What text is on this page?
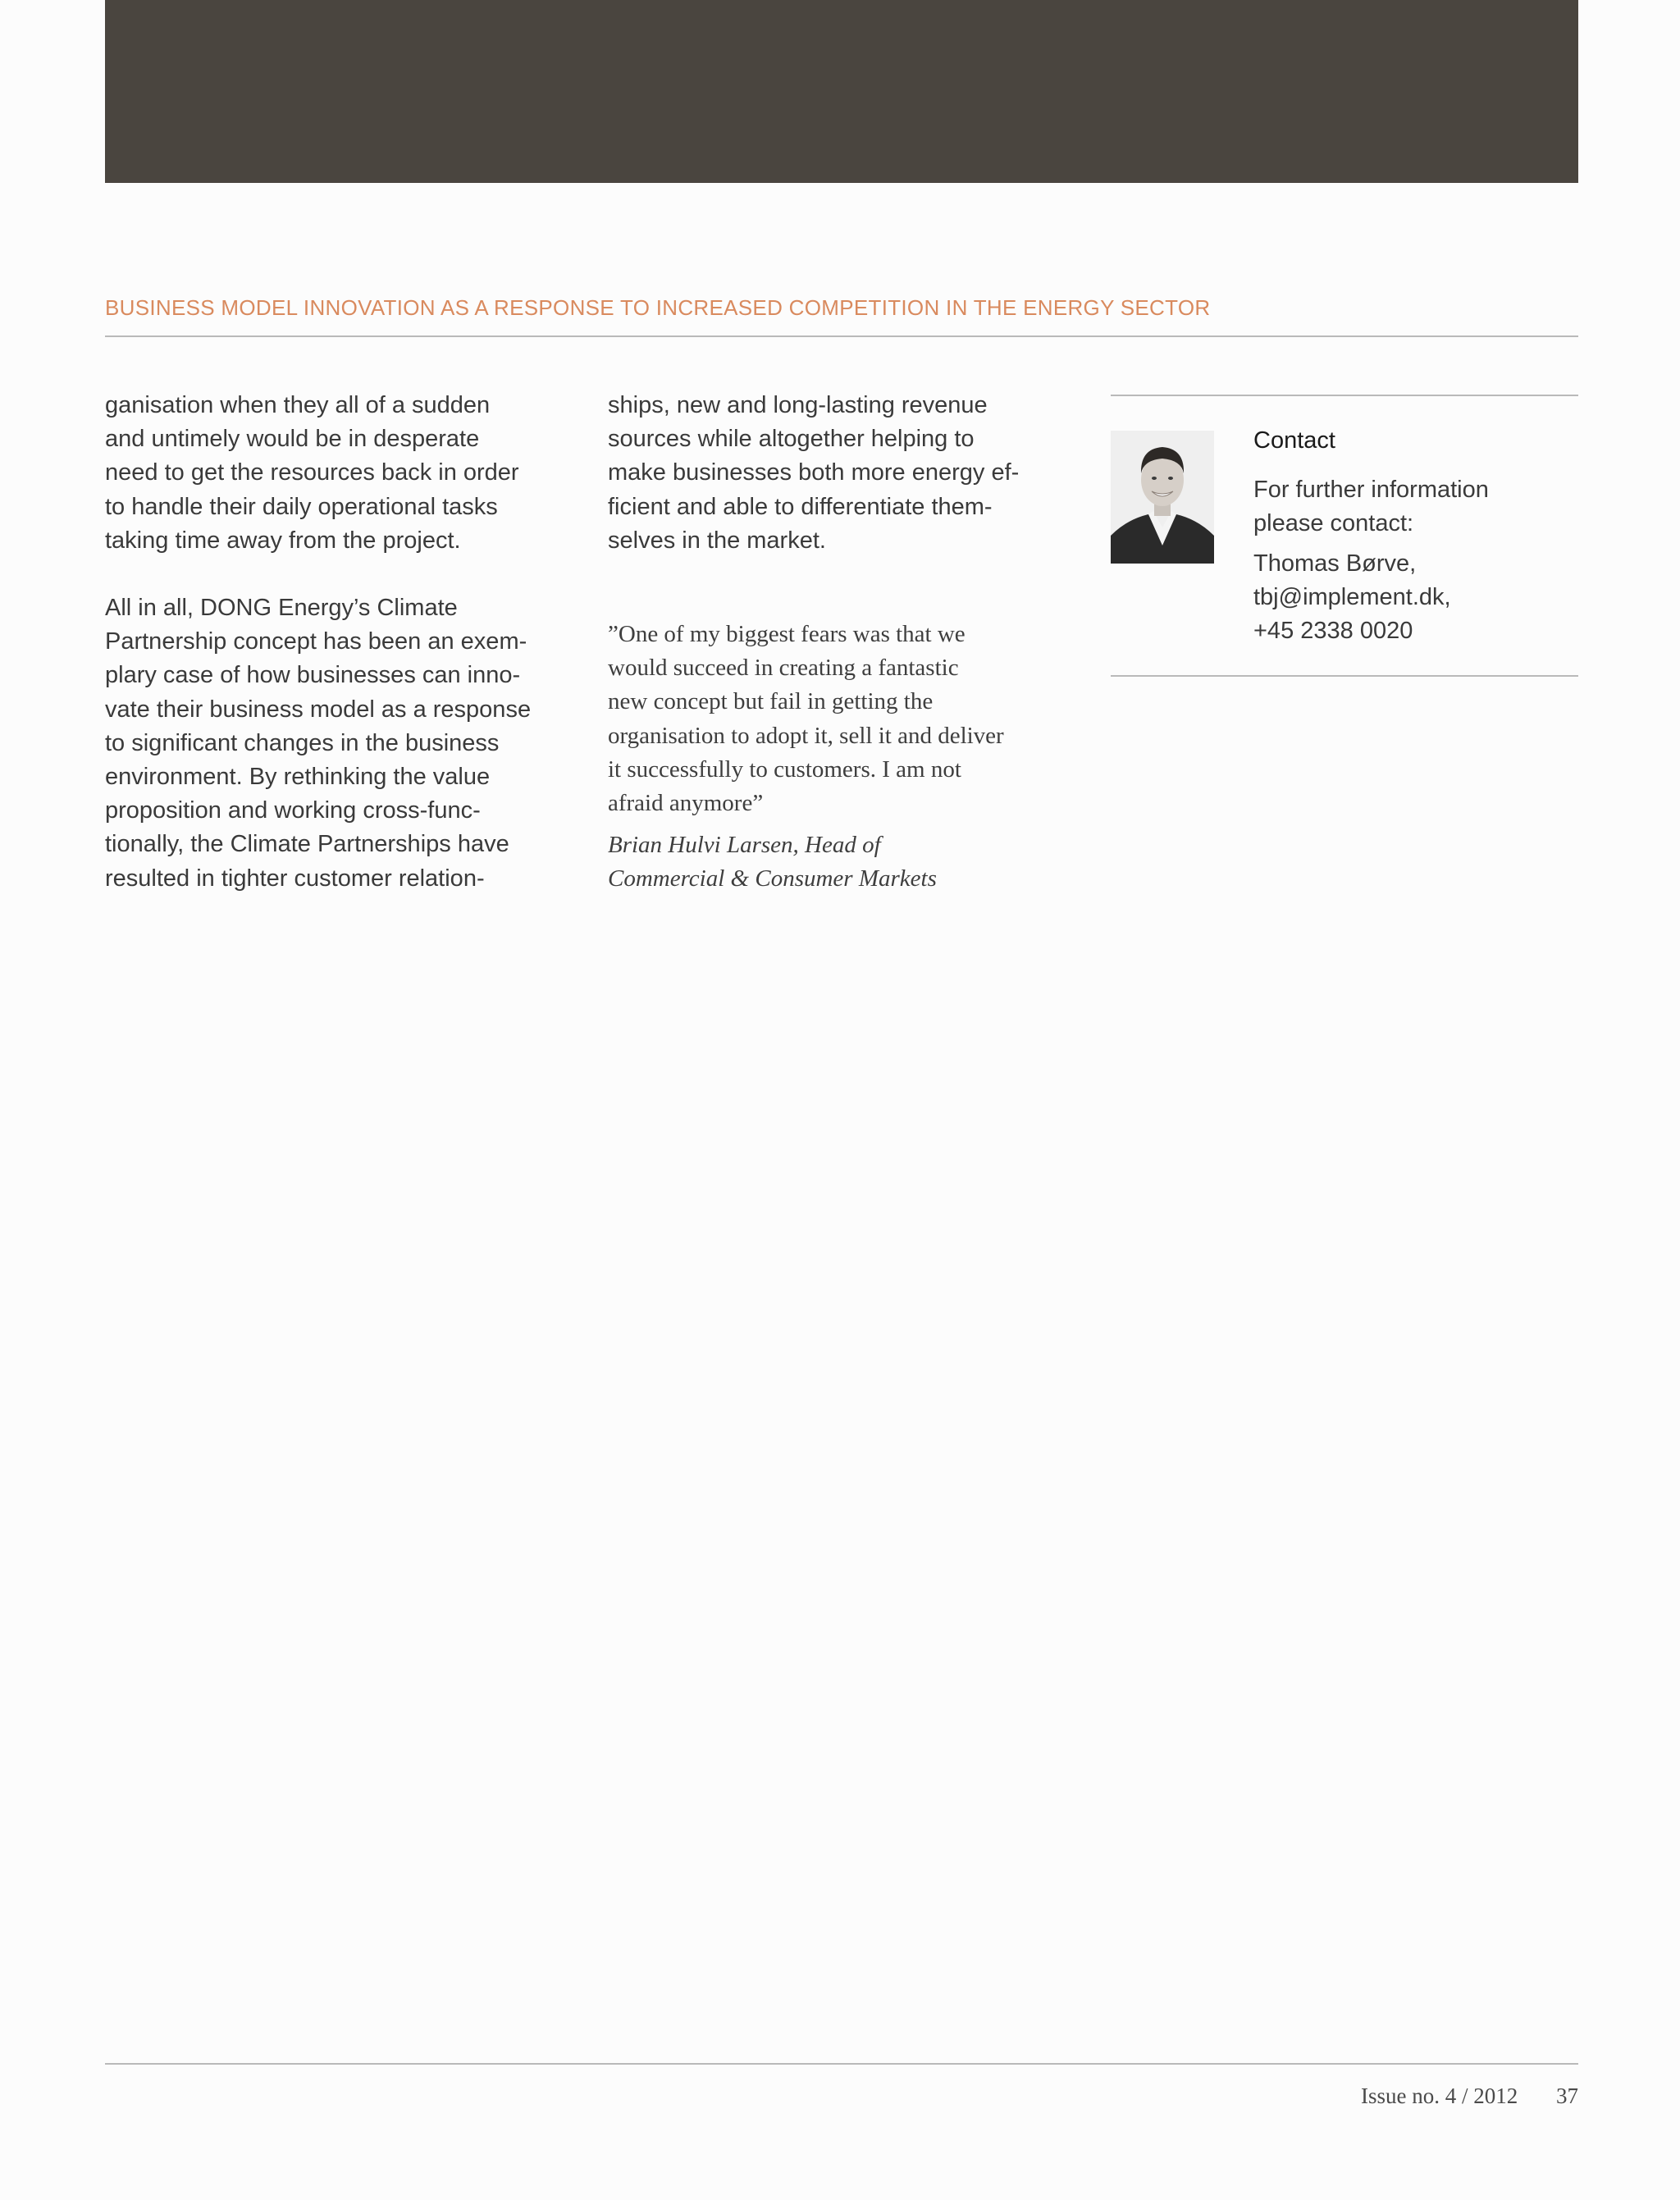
BUSINESS MODEL INNOVATION AS A RESPONSE TO INCREASED COMPETITION IN THE ENERGY SECTOR

ganisation when they all of a sudden
and untimely would be in desperate
need to get the resources back in order
to handle their daily operational tasks
taking time away from the project.

All in all, DONG Energy’s Climate
Partnership concept has been an exem-
plary case of how businesses can inno-
vate their business model as a response
to significant changes in the business
environment. By rethinking the value
proposition and working cross-func-
tionally, the Climate Partnerships have
resulted in tighter customer relation-

ships, new and long-lasting revenue
sources while altogether helping to
make businesses both more energy ef-
ficient and able to differentiate them-
selves in the market.

”One of my biggest fears was that we
would succeed in creating a fantastic
new concept but fail in getting the
organisation to adopt it, sell it and deliver
it successfully to customers. I am not
afraid anymore”
Brian Hulvi Larsen, Head of
Commercial & Consumer Markets
Contact
For further information
please contact:
Thomas Børve,
tbj@implement.dk,
+45 2338 0020
Issue no. 4 / 2012 37
